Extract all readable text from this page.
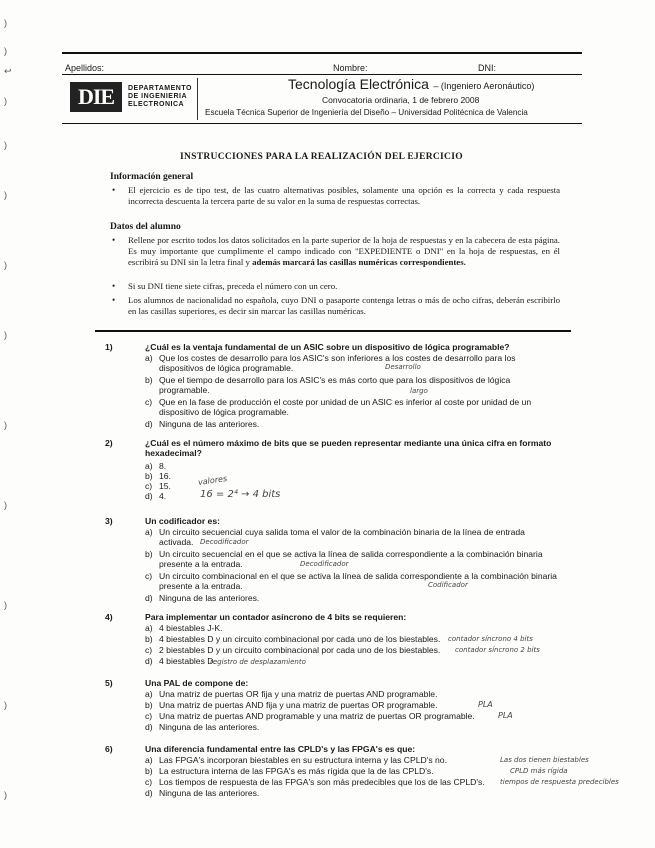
)
)
↩
)
)
)
)
)
)
)
)
)
)
Apellidos:	Nombre:	DNI:
DIE	DEPARTAMENTO
DE INGENIERIA
ELECTRONICA
Tecnología Electrónica – (Ingeniero Aeronáutico)
Convocatoria ordinaria, 1 de febrero 2008
Escuela Técnica Superior de Ingeniería del Diseño – Universidad Politécnica de Valencia
INSTRUCCIONES PARA LA REALIZACIÓN DEL EJERCICIO
Información general
• El ejercicio es de tipo test, de las cuatro alternativas posibles, solamente una opción es la correcta y cada respuesta incorrecta descuenta la tercera parte de su valor en la suma de respuestas correctas.
Datos del alumno
• Rellene por escrito todos los datos solicitados en la parte superior de la hoja de respuestas y en la cabecera de esta página. Es muy importante que cumplimente el campo indicado con "EXPEDIENTE o DNI" en la hoja de respuestas, en él escribirá su DNI sin la letra final y además marcará las casillas numéricas correspondientes.
• Si su DNI tiene siete cifras, preceda el número con un cero.
• Los alumnos de nacionalidad no española, cuyo DNI o pasaporte contenga letras o más de ocho cifras, deberán escribirlo en las casillas superiores, es decir sin marcar las casillas numéricas.
1)	¿Cuál es la ventaja fundamental de un ASIC sobre un dispositivo de lógica programable?
a) Que los costes de desarrollo para los ASIC's son inferiores a los costes de desarrollo para los dispositivos de lógica programable.
b) Que el tiempo de desarrollo para los ASIC's es más corto que para los dispositivos de lógica programable.
c) Que en la fase de producción el coste por unidad de un ASIC es inferior al coste por unidad de un dispositivo de lógica programable.
d) Ninguna de las anteriores.
Desarrollo
largo
2)	¿Cuál es el número máximo de bits que se pueden representar mediante una única cifra en formato hexadecimal?
a) 8.
b) 16.
c) 15.
d) 4.
valores
16 = 2⁴ → 4 bits
3)	Un codificador es:
a) Un circuito secuencial cuya salida toma el valor de la combinación binaria de la línea de entrada activada.
b) Un circuito secuencial en el que se activa la línea de salida correspondiente a la combinación binaria presente a la entrada.
c) Un circuito combinacional en el que se activa la línea de salida correspondiente a la combinación binaria presente a la entrada.
d) Ninguna de las anteriores.
Decodificador
Decodificador
Codificador
4)	Para implementar un contador asíncrono de 4 bits se requieren:
a) 4 biestables J-K.
b) 4 biestables D y un circuito combinacional por cada uno de los biestables.
c) 2 biestables D y un circuito combinacional por cada uno de los biestables.
d) 4 biestables D.
contador síncrono 4 bits
contador síncrono 2 bits
registro de desplazamiento
5)	Una PAL de compone de:
a) Una matriz de puertas OR fija y una matriz de puertas AND programable.
b) Una matriz de puertas AND fija y una matriz de puertas OR programable.
c) Una matriz de puertas AND programable y una matriz de puertas OR programable.
d) Ninguna de las anteriores.
PLA
PLA
6)	Una diferencia fundamental entre las CPLD's y las FPGA's es que:
a) Las FPGA's incorporan biestables en su estructura interna y las CPLD's no.
b) La estructura interna de las FPGA's es más rígida que la de las CPLD's.
c) Los tiempos de respuesta de las FPGA's son más predecibles que los de las CPLD's.
d) Ninguna de las anteriores.
Las dos tienen biestables
CPLD más rígida
tiempos de respuesta predecibles
